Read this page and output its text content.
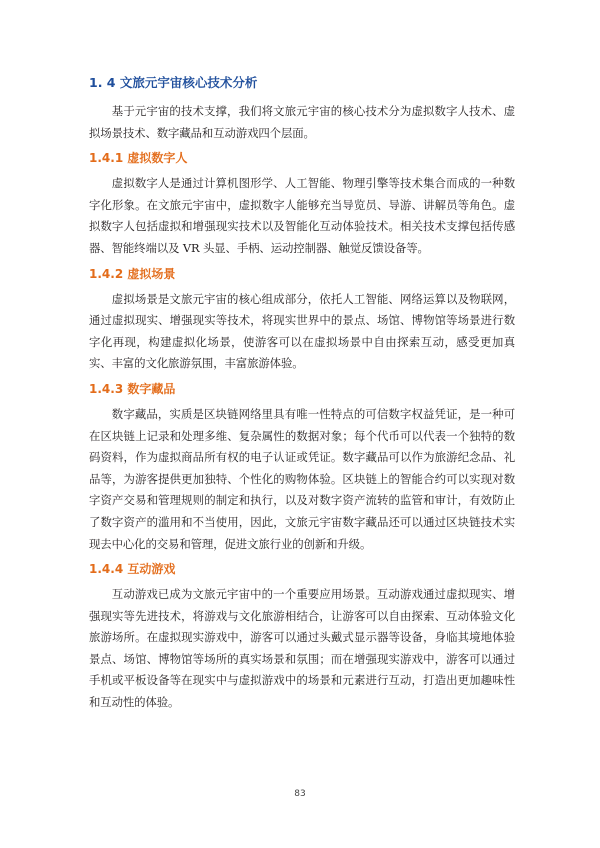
1. 4 文旅元宇宙核心技术分析

基于元宇宙的技术支撑，我们将文旅元宇宙的核心技术分为虚拟数字人技术、虚拟场景技术、数字藏品和互动游戏四个层面。

1.4.1 虚拟数字人

虚拟数字人是通过计算机图形学、人工智能、物理引擎等技术集合而成的一种数字化形象。在文旅元宇宙中，虚拟数字人能够充当导览员、导游、讲解员等角色。虚拟数字人包括虚拟和增强现实技术以及智能化互动体验技术。相关技术支撑包括传感器、智能终端以及 VR 头显、手柄、运动控制器、触觉反馈设备等。

1.4.2 虚拟场景

虚拟场景是文旅元宇宙的核心组成部分，依托人工智能、网络运算以及物联网，通过虚拟现实、增强现实等技术，将现实世界中的景点、场馆、博物馆等场景进行数字化再现，构建虚拟化场景，使游客可以在虚拟场景中自由探索互动，感受更加真实、丰富的文化旅游氛围，丰富旅游体验。

1.4.3 数字藏品

数字藏品，实质是区块链网络里具有唯一性特点的可信数字权益凭证，是一种可在区块链上记录和处理多维、复杂属性的数据对象；每个代币可以代表一个独特的数码资料，作为虚拟商品所有权的电子认证或凭证。数字藏品可以作为旅游纪念品、礼品等，为游客提供更加独特、个性化的购物体验。区块链上的智能合约可以实现对数字资产交易和管理规则的制定和执行，以及对数字资产流转的监管和审计，有效防止了数字资产的滥用和不当使用，因此，文旅元宇宙数字藏品还可以通过区块链技术实现去中心化的交易和管理，促进文旅行业的创新和升级。

1.4.4 互动游戏

互动游戏已成为文旅元宇宙中的一个重要应用场景。互动游戏通过虚拟现实、增强现实等先进技术，将游戏与文化旅游相结合，让游客可以自由探索、互动体验文化旅游场所。在虚拟现实游戏中，游客可以通过头戴式显示器等设备，身临其境地体验景点、场馆、博物馆等场所的真实场景和氛围；而在增强现实游戏中，游客可以通过手机或平板设备等在现实中与虚拟游戏中的场景和元素进行互动，打造出更加趣味性和互动性的体验。

83
